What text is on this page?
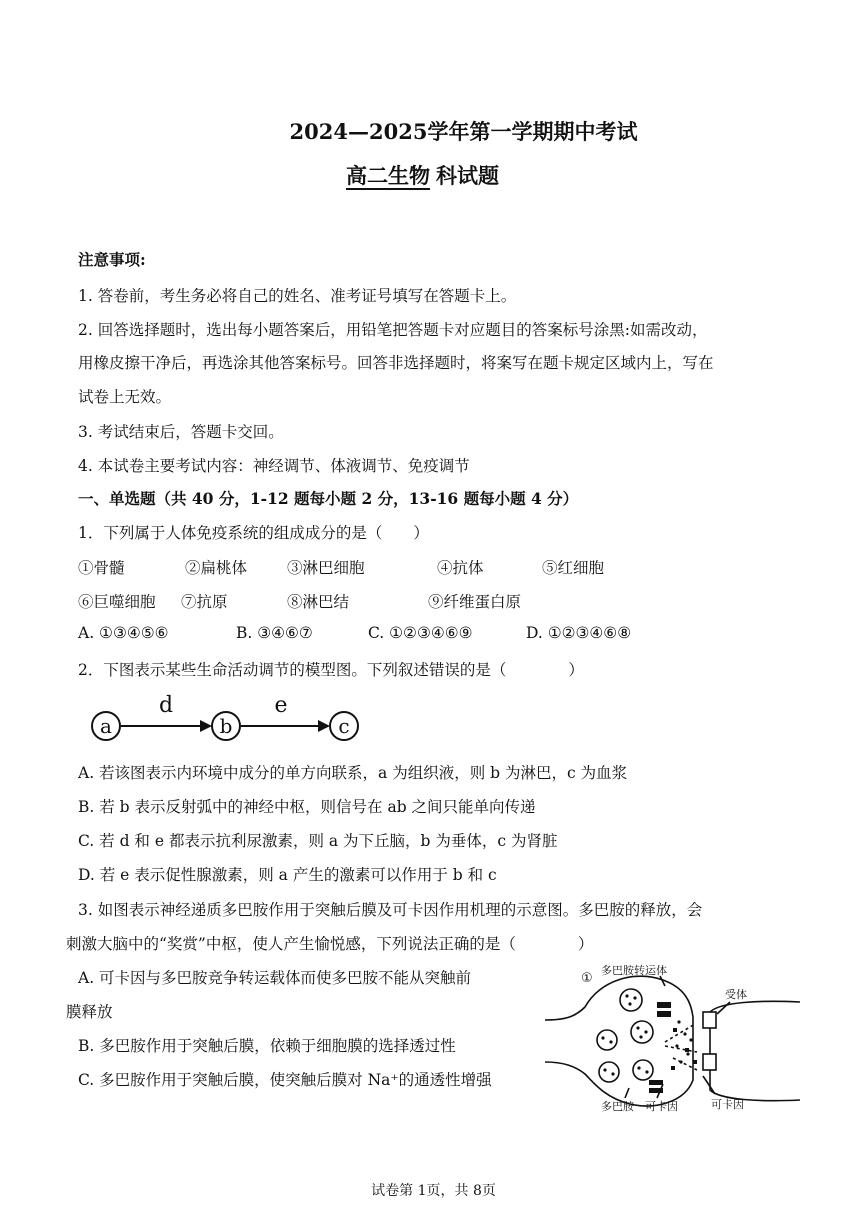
2024—2025学年第一学期期中考试
高二生物 科试题
注意事项:
1. 答卷前，考生务必将自己的姓名、准考证号填写在答题卡上。
2. 回答选择题时，选出每小题答案后，用铅笔把答题卡对应题目的答案标号涂黑:如需改动，
用橡皮擦干净后，再选涂其他答案标号。回答非选择题时，将案写在题卡规定区域内上，写在
试卷上无效。
3. 考试结束后，答题卡交回。
4. 本试卷主要考试内容：神经调节、体液调节、免疫调节
一、单选题（共 40 分，1-12 题每小题 2 分，13-16 题每小题 4 分）
1．下列属于人体免疫系统的组成成分的是（　　）
①骨髓	②扁桃体	③淋巴细胞	④抗体	⑤红细胞
⑥巨噬细胞 ⑦抗原	⑧淋巴结	⑨纤维蛋白原
A. ①③④⑤⑥	B. ③④⑥⑦	C. ①②③④⑥⑨	D. ①②③④⑥⑧
2．下图表示某些生命活动调节的模型图。下列叙述错误的是（　　　　）
a	b	c
d	e
A. 若该图表示内环境中成分的单方向联系，a 为组织液，则 b 为淋巴，c 为血浆
B. 若 b 表示反射弧中的神经中枢，则信号在 ab 之间只能单向传递
C. 若 d 和 e 都表示抗利尿激素，则 a 为下丘脑，b 为垂体，c 为肾脏
D. 若 e 表示促性腺激素，则 a 产生的激素可以作用于 b 和 c
3. 如图表示神经递质多巴胺作用于突触后膜及可卡因作用机理的示意图。多巴胺的释放，会
刺激大脑中的“奖赏”中枢，使人产生愉悦感，下列说法正确的是（　　　　）
A. 可卡因与多巴胺竞争转运载体而使多巴胺不能从突触前
膜释放
B. 多巴胺作用于突触后膜，依赖于细胞膜的选择透过性
C. 多巴胺作用于突触后膜，使突触后膜对 Na⁺的通透性增强
①
多巴胺转运体
受体
多巴胺 可卡因	可卡因
试卷第 1页，共 8页
